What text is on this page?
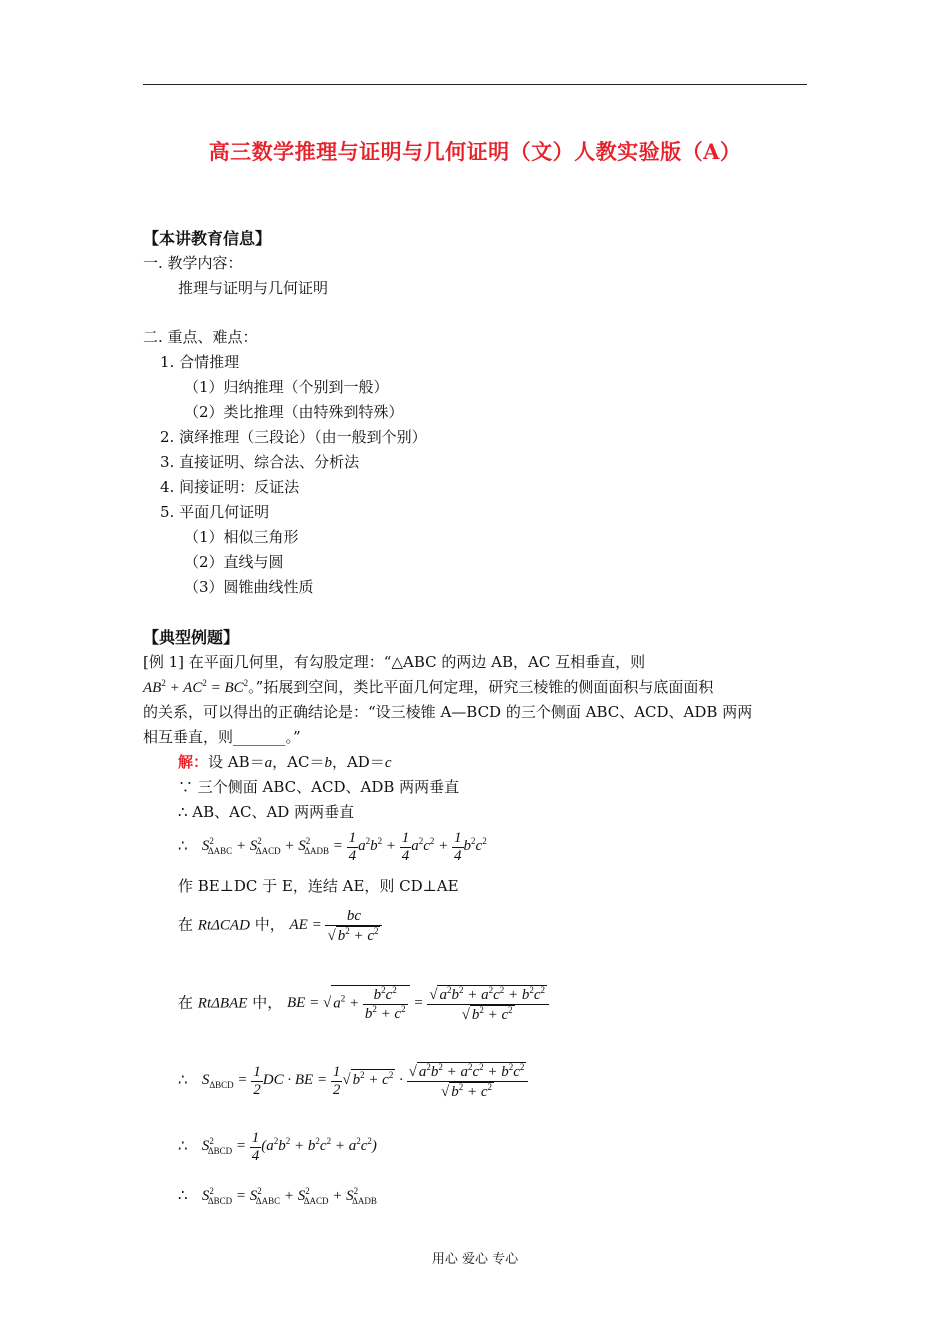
高三数学推理与证明与几何证明（文）人教实验版（A）
【本讲教育信息】
一. 教学内容：
推理与证明与几何证明
二. 重点、难点：
1. 合情推理
（1）归纳推理（个别到一般）
（2）类比推理（由特殊到特殊）
2. 演绎推理（三段论）（由一般到个别）
3. 直接证明、综合法、分析法
4. 间接证明：反证法
5. 平面几何证明
（1）相似三角形
（2）直线与圆
（3）圆锥曲线性质
【典型例题】
[例 1] 在平面几何里，有勾股定理：“△ABC 的两边 AB，AC 互相垂直，则
$AB^2 + AC^2 = BC^2$。”拓展到空间，类比平面几何定理，研究三棱锥的侧面面积与底面面积
的关系，可以得出的正确结论是：“设三棱锥 A—BCD 的三个侧面 ABC、ACD、ADB 两两
相互垂直，则_______。”
解：设 AB＝a，AC＝b，AD＝c
∵ 三个侧面 ABC、ACD、ADB 两两垂直
∴ AB、AC、AD 两两垂直
∴ $S^2_{\Delta ABC} + S^2_{\Delta ACD} + S^2_{\Delta ADB} = \frac{1}{4} a^2b^2 + \frac{1}{4} a^2c^2 + \frac{1}{4} b^2c^2$
作 BE⊥DC 于 E，连结 AE，则 CD⊥AE
在 RtΔCAD 中， AE = $\frac{bc}{√ b^2 + c^2}$
在 RtΔBAE 中， BE = √ $a^2 + \frac{b^2c^2}{b^2 + c^2} = \frac{√ a^2b^2 + a^2c^2 + b^2c^2}{√ b^2 + c^2}$
∴ $S_{\Delta BCD} = \frac{1}{2}$ DC · BE = $\frac{1}{2}$ √ $b^2 + c^2 \cdot \frac{√ a^2b^2 + a^2c^2 + b^2c^2}{√ b^2 + c^2}$
∴ $S^2_{\Delta BCD} = \frac{1}{4} (a^2b^2 + b^2c^2 + a^2c^2)$
∴ $S^2_{\Delta BCD} = S^2_{\Delta ABC} + S^2_{\Delta ACD} + S^2_{\Delta ADB}$
用心 爱心 专心
